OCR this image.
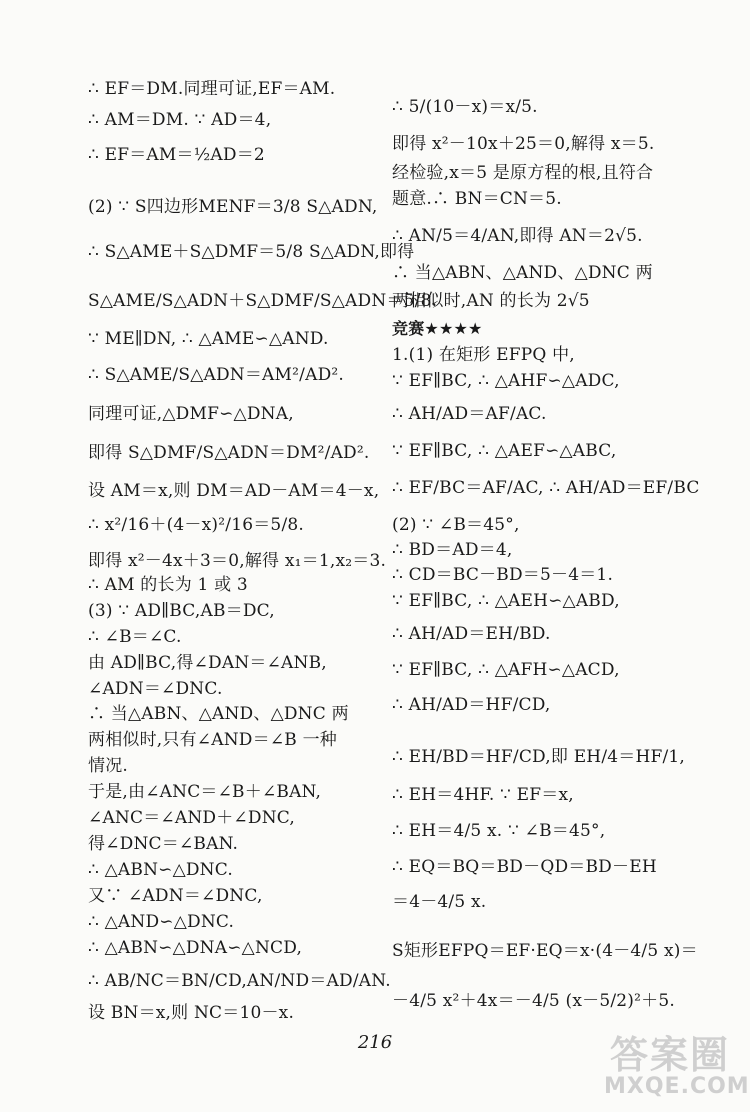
∴ EF＝DM.同理可证,EF＝AM.
∴ AM＝DM. ∵ AD＝4,
∴ EF＝AM＝½AD＝2
(2) ∵ S四边形MENF＝3/8 S△ADN,
∴ S△AME＋S△DMF＝5/8 S△ADN,即得
S△AME/S△ADN＋S△DMF/S△ADN＝5/8.
∵ ME∥DN, ∴ △AME∽△AND.
∴ S△AME/S△ADN＝AM²/AD².
同理可证,△DMF∽△DNA,
即得 S△DMF/S△ADN＝DM²/AD².
设 AM＝x,则 DM＝AD－AM＝4－x,
∴ x²/16＋(4－x)²/16＝5/8.
即得 x²－4x＋3＝0,解得 x₁＝1,x₂＝3.
∴ AM 的长为 1 或 3
(3) ∵ AD∥BC,AB＝DC,
∴ ∠B＝∠C.
由 AD∥BC,得∠DAN＝∠ANB,
∠ADN＝∠DNC.
∴ 当△ABN、△AND、△DNC 两
两相似时,只有∠AND＝∠B 一种
情况.
于是,由∠ANC＝∠B＋∠BAN,
∠ANC＝∠AND＋∠DNC,
得∠DNC＝∠BAN.
∴ △ABN∽△DNC.
又∵ ∠ADN＝∠DNC,
∴ △AND∽△DNC.
∴ △ABN∽△DNA∽△NCD,
∴ AB/NC＝BN/CD,AN/ND＝AD/AN.
设 BN＝x,则 NC＝10－x.
∴ 5/(10－x)＝x/5.
即得 x²－10x＋25＝0,解得 x＝5.
经检验,x＝5 是原方程的根,且符合
题意.∴ BN＝CN＝5.
∴ AN/5＝4/AN,即得 AN＝2√5.
∴ 当△ABN、△AND、△DNC 两
两相似时,AN 的长为 2√5
竞赛★★★★
1.(1) 在矩形 EFPQ 中,
∵ EF∥BC, ∴ △AHF∽△ADC,
∴ AH/AD＝AF/AC.
∵ EF∥BC, ∴ △AEF∽△ABC,
∴ EF/BC＝AF/AC, ∴ AH/AD＝EF/BC
(2) ∵ ∠B＝45°,
∴ BD＝AD＝4,
∴ CD＝BC－BD＝5－4＝1.
∵ EF∥BC, ∴ △AEH∽△ABD,
∴ AH/AD＝EH/BD.
∵ EF∥BC, ∴ △AFH∽△ACD,
∴ AH/AD＝HF/CD,
∴ EH/BD＝HF/CD,即 EH/4＝HF/1,
∴ EH＝4HF. ∵ EF＝x,
∴ EH＝4/5 x. ∵ ∠B＝45°,
∴ EQ＝BQ＝BD－QD＝BD－EH
＝4－4/5 x.
S矩形EFPQ＝EF·EQ＝x·(4－4/5 x)＝
－4/5 x²＋4x＝－4/5 (x－5/2)²＋5.
216	答案圈
MXQE.COM
